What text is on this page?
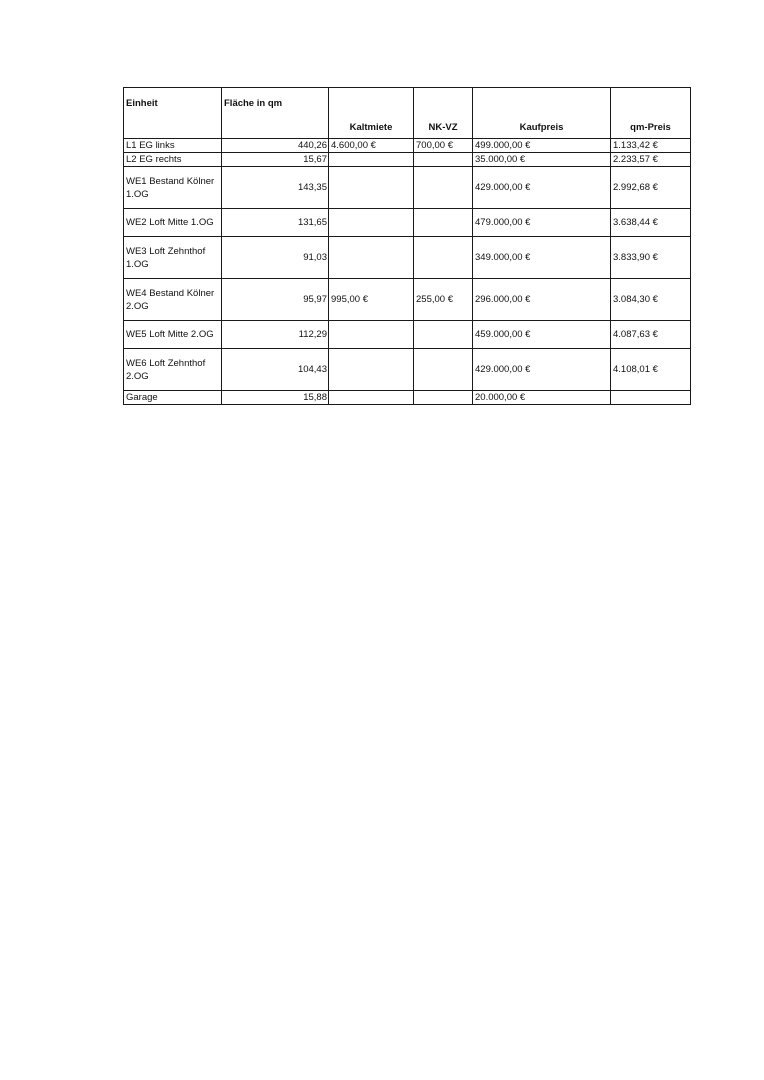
Einheit	Fläche in qm	Kaltmiete	NK-VZ	Kaufpreis	qm-Preis
L1 EG links	440,26	4.600,00 €	700,00 €	499.000,00 €	1.133,42 €
L2 EG rechts	15,67			35.000,00 €	2.233,57 €
WE1 Bestand Kölner 1.OG	143,35			429.000,00 €	2.992,68 €
WE2 Loft Mitte 1.OG	131,65			479.000,00 €	3.638,44 €
WE3 Loft Zehnthof 1.OG	91,03			349.000,00 €	3.833,90 €
WE4 Bestand Kölner 2.OG	95,97	995,00 €	255,00 €	296.000,00 €	3.084,30 €
WE5 Loft Mitte 2.OG	112,29			459.000,00 €	4.087,63 €
WE6 Loft Zehnthof 2.OG	104,43			429.000,00 €	4.108,01 €
Garage	15,88			20.000,00 €	
